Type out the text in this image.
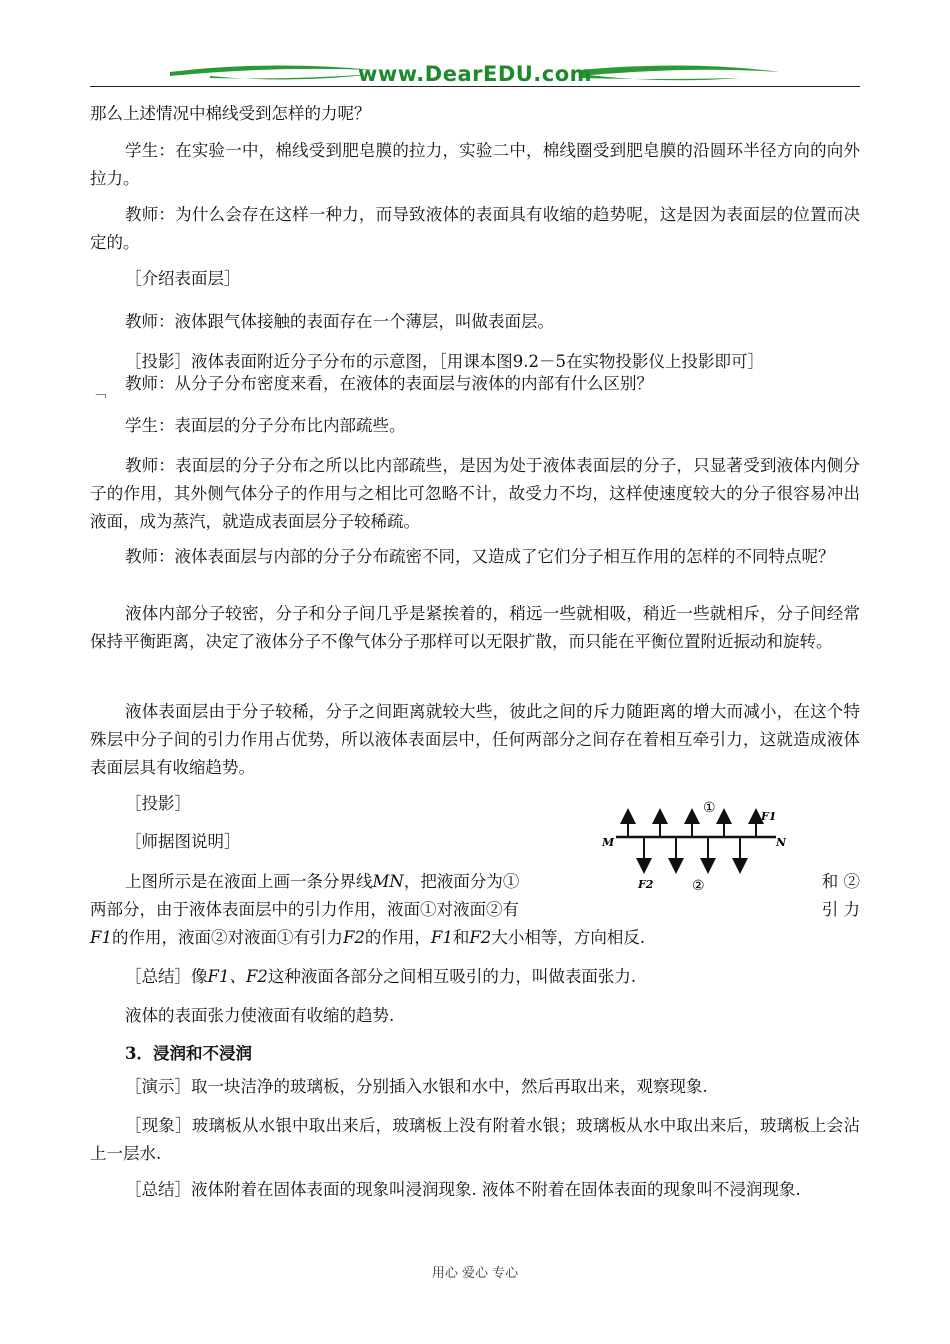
www.DearEDU.com

那么上述情况中棉线受到怎样的力呢？

学生：在实验一中，棉线受到肥皂膜的拉力，实验二中，棉线圈受到肥皂膜的沿圆环半径方向的向外拉力。

教师：为什么会存在这样一种力，而导致液体的表面具有收缩的趋势呢，这是因为表面层的位置而决定的。

［介绍表面层］

教师：液体跟气体接触的表面存在一个薄层，叫做表面层。

［投影］液体表面附近分子分布的示意图，［用课本图9.2－5在实物投影仪上投影即可］

﹁	教师：从分子分布密度来看，在液体的表面层与液体的内部有什么区别？

学生：表面层的分子分布比内部疏些。

教师：表面层的分子分布之所以比内部疏些，是因为处于液体表面层的分子，只显著受到液体内侧分子的作用，其外侧气体分子的作用与之相比可忽略不计，故受力不均，这样使速度较大的分子很容易冲出液面，成为蒸汽，就造成表面层分子较稀疏。

教师：液体表面层与内部的分子分布疏密不同，又造成了它们分子相互作用的怎样的不同特点呢？

液体内部分子较密，分子和分子间几乎是紧挨着的，稍远一些就相吸，稍近一些就相斥，分子间经常保持平衡距离，决定了液体分子不像气体分子那样可以无限扩散，而只能在平衡位置附近振动和旋转。

液体表面层由于分子较稀，分子之间距离就较大些，彼此之间的斥力随距离的增大而减小，在这个特殊层中分子间的引力作用占优势，所以液体表面层中，任何两部分之间存在着相互牵引力，这就造成液体表面层具有收缩趋势。

［投影］

［师据图说明］

①
②
M	N
F1
F2

上图所示是在液面上画一条分界线MN，把液面分为①	和 ②

两部分，由于液体表面层中的引力作用，液面①对液面②有	引 力

F1的作用，液面②对液面①有引力F2的作用，F1和F2大小相等，方向相反.

［总结］像F1、F2这种液面各部分之间相互吸引的力，叫做表面张力.

液体的表面张力使液面有收缩的趋势.

3．浸润和不浸润

［演示］取一块洁净的玻璃板，分别插入水银和水中，然后再取出来，观察现象.

［现象］玻璃板从水银中取出来后，玻璃板上没有附着水银；玻璃板从水中取出来后，玻璃板上会沾上一层水.

［总结］液体附着在固体表面的现象叫浸润现象. 液体不附着在固体表面的现象叫不浸润现象.

用心 爱心 专心
